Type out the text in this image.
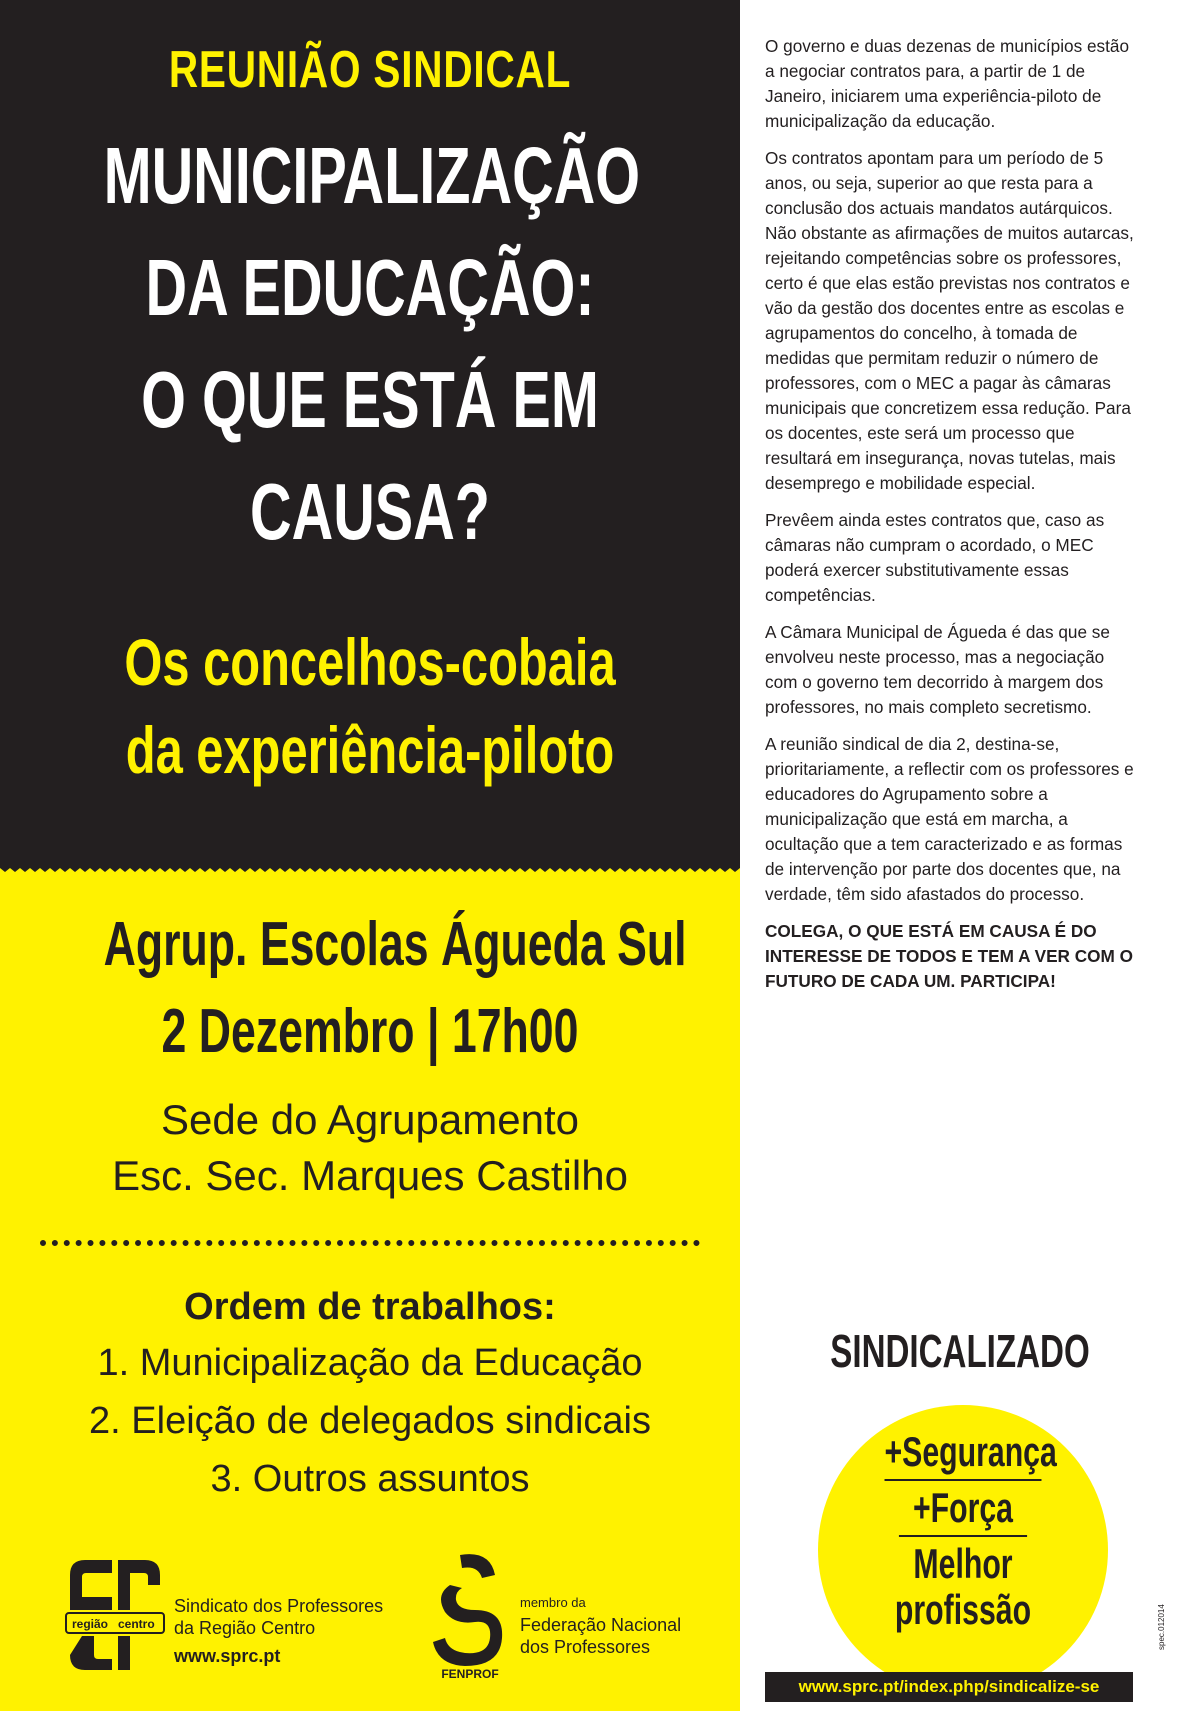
REUNIÃO SINDICAL
MUNICIPALIZAÇÃO
DA EDUCAÇÃO:
O QUE ESTÁ EM
CAUSA?
Os concelhos-cobaia
da experiência-piloto
Agrup. Escolas Águeda Sul
2 Dezembro | 17h00
Sede do Agrupamento
Esc. Sec. Marques Castilho
Ordem de trabalhos:
1. Municipalização da Educação
2. Eleição de delegados sindicais
3. Outros assuntos
região centro
Sindicato dos Professores
da Região Centro
www.sprc.pt
FENPROF
membro da
Federação Nacional
dos Professores

O governo e duas dezenas de municípios estão a negociar contratos para, a partir de 1 de Janeiro, iniciarem uma experiência-piloto de municipalização da educação.

Os contratos apontam para um período de 5 anos, ou seja, superior ao que resta para a conclusão dos actuais mandatos autárquicos. Não obstante as afirmações de muitos autarcas, rejeitando competências sobre os professores, certo é que elas estão previstas nos contratos e vão da gestão dos docentes entre as escolas e agrupamentos do concelho, à tomada de medidas que permitam reduzir o número de professores, com o MEC a pagar às câmaras municipais que concretizem essa redução. Para os docentes, este será um processo que resultará em insegurança, novas tutelas, mais desemprego e mobilidade especial.

Prevêem ainda estes contratos que, caso as câmaras não cumpram o acordado, o MEC poderá exercer substitutivamente essas competências.

A Câmara Municipal de Águeda é das que se envolveu neste processo, mas a negociação com o governo tem decorrido à margem dos professores, no mais completo secretismo.

A reunião sindical de dia 2, destina-se, prioritariamente, a reflectir com os professores e educadores do Agrupamento sobre a municipalização que está em marcha, a ocultação que a tem caracterizado e as formas de intervenção por parte dos docentes que, na verdade, têm sido afastados do processo.

COLEGA, O QUE ESTÁ EM CAUSA É DO INTERESSE DE TODOS E TEM A VER COM O FUTURO DE CADA UM. PARTICIPA!

SINDICALIZADO
+Segurança
+Força
Melhor
profissão
www.sprc.pt/index.php/sindicalize-se
spec.012014
